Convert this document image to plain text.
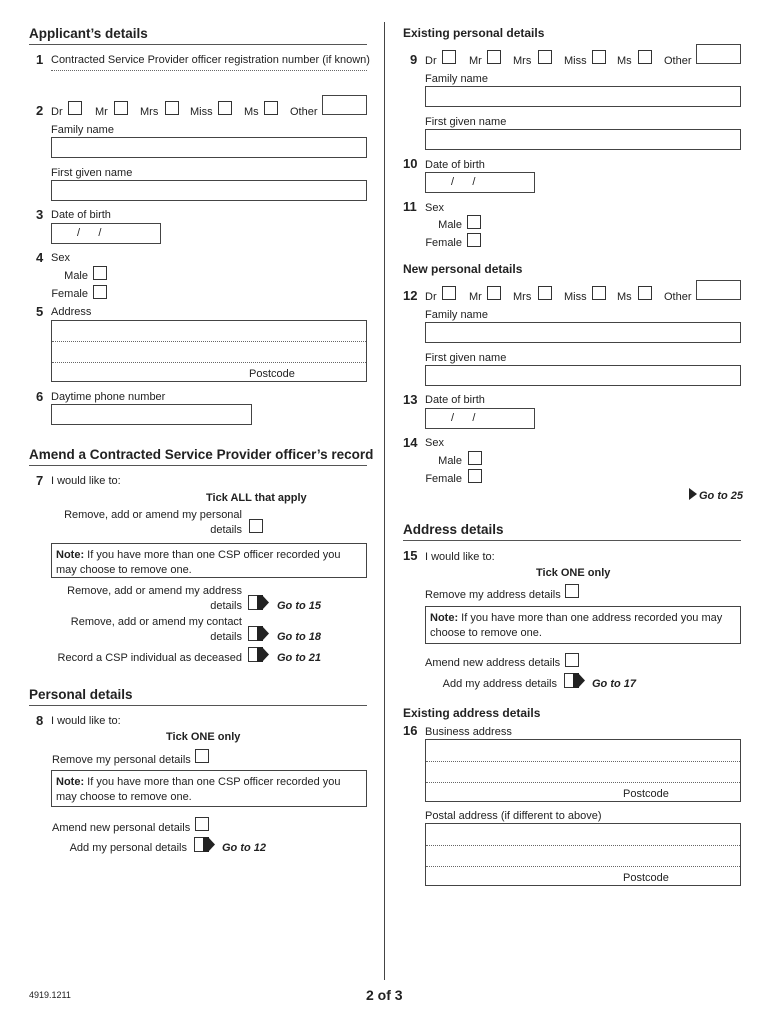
Applicant’s details
1 Contracted Service Provider officer registration number (if known)
2 Dr	Mr	Mrs	Miss	Ms	Other
Family name
First given name
3 Date of birth
/      /
4 Sex
Male
Female
5 Address
Postcode
6 Daytime phone number
Amend a Contracted Service Provider officer’s record
7 I would like to:
Tick ALL that apply
Remove, add or amend my personal
details
Note: If you have more than one CSP officer recorded you may choose to remove one.
Remove, add or amend my address
details	Go to 15
Remove, add or amend my contact
details	Go to 18
Record a CSP individual as deceased	Go to 21
Personal details
8 I would like to:
Tick ONE only
Remove my personal details
Note: If you have more than one CSP officer recorded you may choose to remove one.
Amend new personal details
Add my personal details	Go to 12
Existing personal details
9 Dr	Mr	Mrs	Miss	Ms	Other
Family name
First given name
10 Date of birth
/      /
11 Sex
Male
Female
New personal details
12 Dr	Mr	Mrs	Miss	Ms	Other
Family name
First given name
13 Date of birth
/      /
14 Sex
Male
Female
Go to 25
Address details
15 I would like to:
Tick ONE only
Remove my address details
Note: If you have more than one address recorded you may choose to remove one.
Amend new address details
Add my address details	Go to 17
Existing address details
16 Business address
Postcode
Postal address (if different to above)
Postcode
4919.1211	2 of 3
